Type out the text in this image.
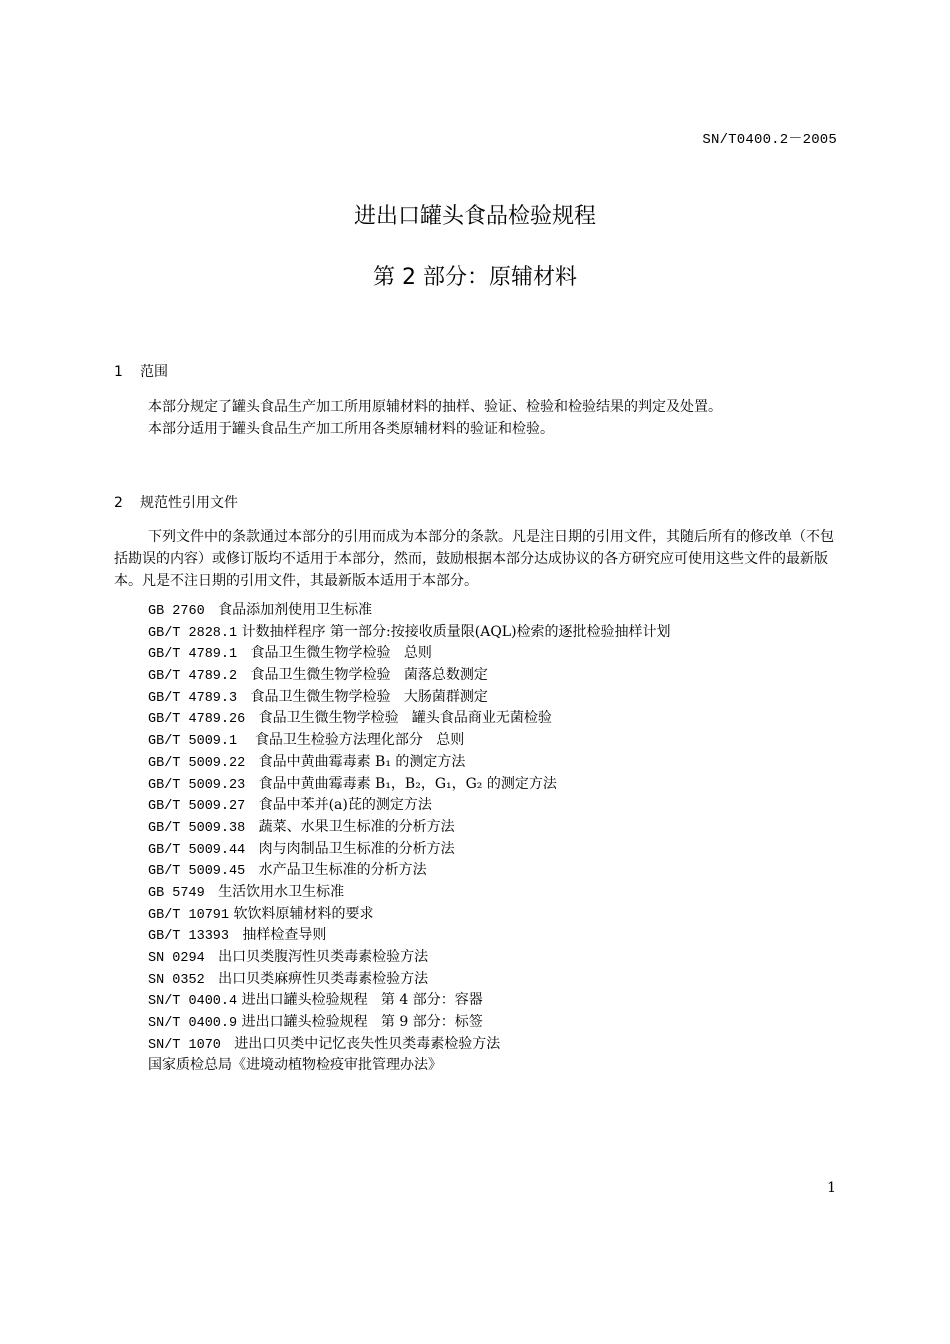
SN/T0400.2－2005
进出口罐头食品检验规程
第 2 部分：原辅材料
1 范围
本部分规定了罐头食品生产加工所用原辅材料的抽样、验证、检验和检验结果的判定及处置。
本部分适用于罐头食品生产加工所用各类原辅材料的验证和检验。
2 规范性引用文件
下列文件中的条款通过本部分的引用而成为本部分的条款。凡是注日期的引用文件，其随后所有的修改单（不包括勘误的内容）或修订版均不适用于本部分，然而，鼓励根据本部分达成协议的各方研究应可使用这些文件的最新版本。凡是不注日期的引用文件，其最新版本适用于本部分。
GB 2760 食品添加剂使用卫生标准
GB/T 2828.1 计数抽样程序 第一部分:按接收质量限(AQL)检索的逐批检验抽样计划
GB/T 4789.1 食品卫生微生物学检验   总则
GB/T 4789.2 食品卫生微生物学检验   菌落总数测定
GB/T 4789.3 食品卫生微生物学检验   大肠菌群测定
GB/T 4789.26 食品卫生微生物学检验   罐头食品商业无菌检验
GB/T 5009.1 食品卫生检验方法理化部分   总则
GB/T 5009.22 食品中黄曲霉毒素 B₁ 的测定方法
GB/T 5009.23 食品中黄曲霉毒素 B₁，B₂，G₁，G₂ 的测定方法
GB/T 5009.27 食品中苯并(a)芘的测定方法
GB/T 5009.38 蔬菜、水果卫生标准的分析方法
GB/T 5009.44 肉与肉制品卫生标准的分析方法
GB/T 5009.45 水产品卫生标准的分析方法
GB 5749 生活饮用水卫生标准
GB/T 10791 软饮料原辅材料的要求
GB/T 13393 抽样检查导则
SN 0294 出口贝类腹泻性贝类毒素检验方法
SN 0352 出口贝类麻痹性贝类毒素检验方法
SN/T 0400.4 进出口罐头检验规程   第 4 部分：容器
SN/T 0400.9 进出口罐头检验规程   第 9 部分：标签
SN/T 1070 进出口贝类中记忆丧失性贝类毒素检验方法
国家质检总局《进境动植物检疫审批管理办法》
1
